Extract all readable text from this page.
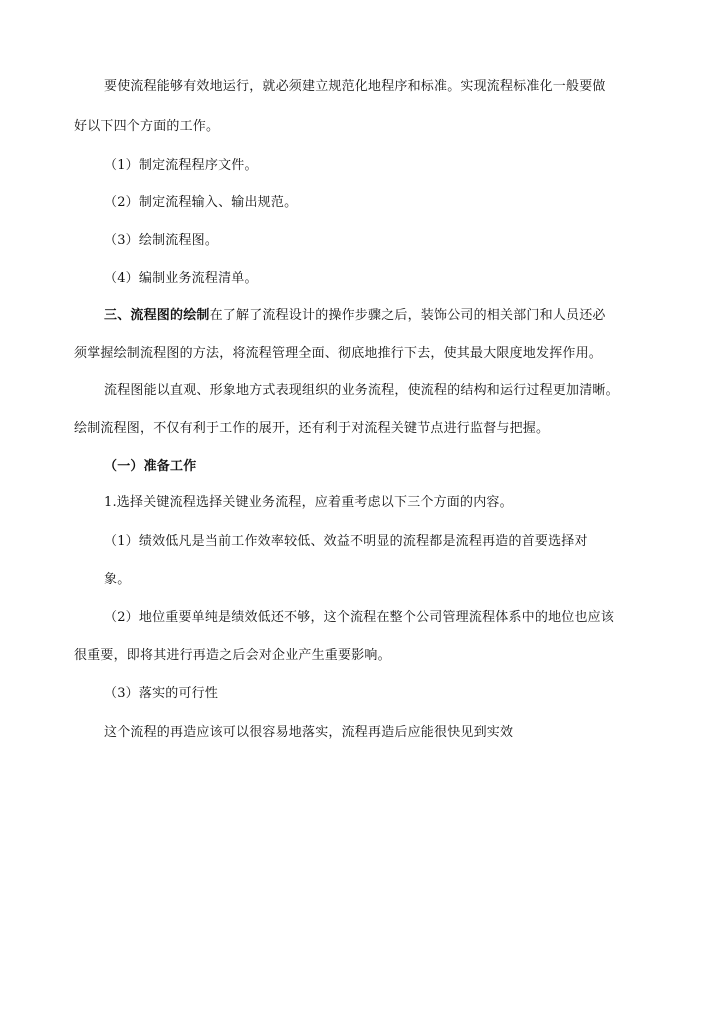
要使流程能够有效地运行，就必须建立规范化地程序和标准。实现流程标准化一般要做
好以下四个方面的工作。
（1）制定流程程序文件。
（2）制定流程输入、输出规范。
（3）绘制流程图。
（4）编制业务流程清单。
三、流程图的绘制在了解了流程设计的操作步骤之后，装饰公司的相关部门和人员还必
须掌握绘制流程图的方法，将流程管理全面、彻底地推行下去，使其最大限度地发挥作用。
流程图能以直观、形象地方式表现组织的业务流程，使流程的结构和运行过程更加清晰。
绘制流程图，不仅有利于工作的展开，还有利于对流程关键节点进行监督与把握。
（一）准备工作
1.选择关键流程选择关键业务流程，应着重考虑以下三个方面的内容。
（1）绩效低凡是当前工作效率较低、效益不明显的流程都是流程再造的首要选择对
象。
（2）地位重要单纯是绩效低还不够，这个流程在整个公司管理流程体系中的地位也应该
很重要，即将其进行再造之后会对企业产生重要影响。
（3）落实的可行性
这个流程的再造应该可以很容易地落实，流程再造后应能很快见到实效
